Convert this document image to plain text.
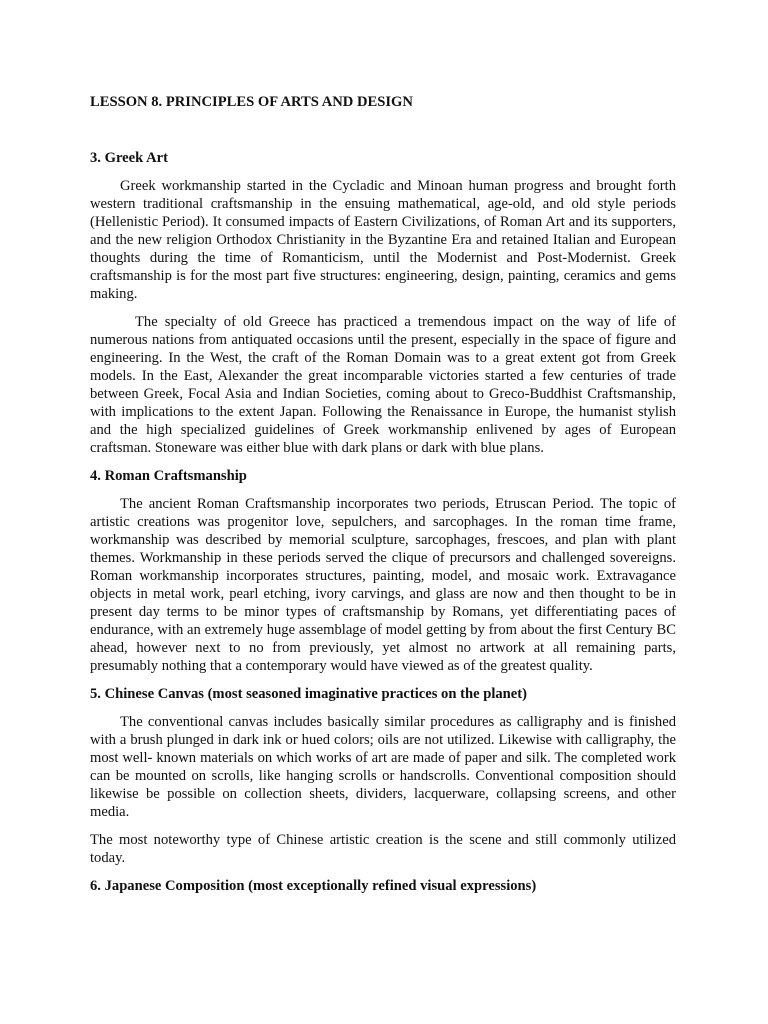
LESSON 8. PRINCIPLES OF ARTS AND DESIGN
3. Greek Art

Greek workmanship started in the Cycladic and Minoan human progress and brought forth western traditional craftsmanship in the ensuing mathematical, age-old, and old style periods (Hellenistic Period). It consumed impacts of Eastern Civilizations, of Roman Art and its supporters, and the new religion Orthodox Christianity in the Byzantine Era and retained Italian and European thoughts during the time of Romanticism, until the Modernist and Post-Modernist. Greek craftsmanship is for the most part five structures: engineering, design, painting, ceramics and gems making.

The specialty of old Greece has practiced a tremendous impact on the way of life of numerous nations from antiquated occasions until the present, especially in the space of figure and engineering. In the West, the craft of the Roman Domain was to a great extent got from Greek models. In the East, Alexander the great incomparable victories started a few centuries of trade between Greek, Focal Asia and Indian Societies, coming about to Greco-Buddhist Craftsmanship, with implications to the extent Japan. Following the Renaissance in Europe, the humanist stylish and the high specialized guidelines of Greek workmanship enlivened by ages of European craftsman. Stoneware was either blue with dark plans or dark with blue plans.

4. Roman Craftsmanship

The ancient Roman Craftsmanship incorporates two periods, Etruscan Period. The topic of artistic creations was progenitor love, sepulchers, and sarcophages. In the roman time frame, workmanship was described by memorial sculpture, sarcophages, frescoes, and plan with plant themes. Workmanship in these periods served the clique of precursors and challenged sovereigns. Roman workmanship incorporates structures, painting, model, and mosaic work. Extravagance objects in metal work, pearl etching, ivory carvings, and glass are now and then thought to be in present day terms to be minor types of craftsmanship by Romans, yet differentiating paces of endurance, with an extremely huge assemblage of model getting by from about the first Century BC ahead, however next to no from previously, yet almost no artwork at all remaining parts, presumably nothing that a contemporary would have viewed as of the greatest quality.

5. Chinese Canvas (most seasoned imaginative practices on the planet)

The conventional canvas includes basically similar procedures as calligraphy and is finished with a brush plunged in dark ink or hued colors; oils are not utilized. Likewise with calligraphy, the most well- known materials on which works of art are made of paper and silk. The completed work can be mounted on scrolls, like hanging scrolls or handscrolls. Conventional composition should likewise be possible on collection sheets, dividers, lacquerware, collapsing screens, and other media.

The most noteworthy type of Chinese artistic creation is the scene and still commonly utilized today.

6. Japanese Composition (most exceptionally refined visual expressions)
